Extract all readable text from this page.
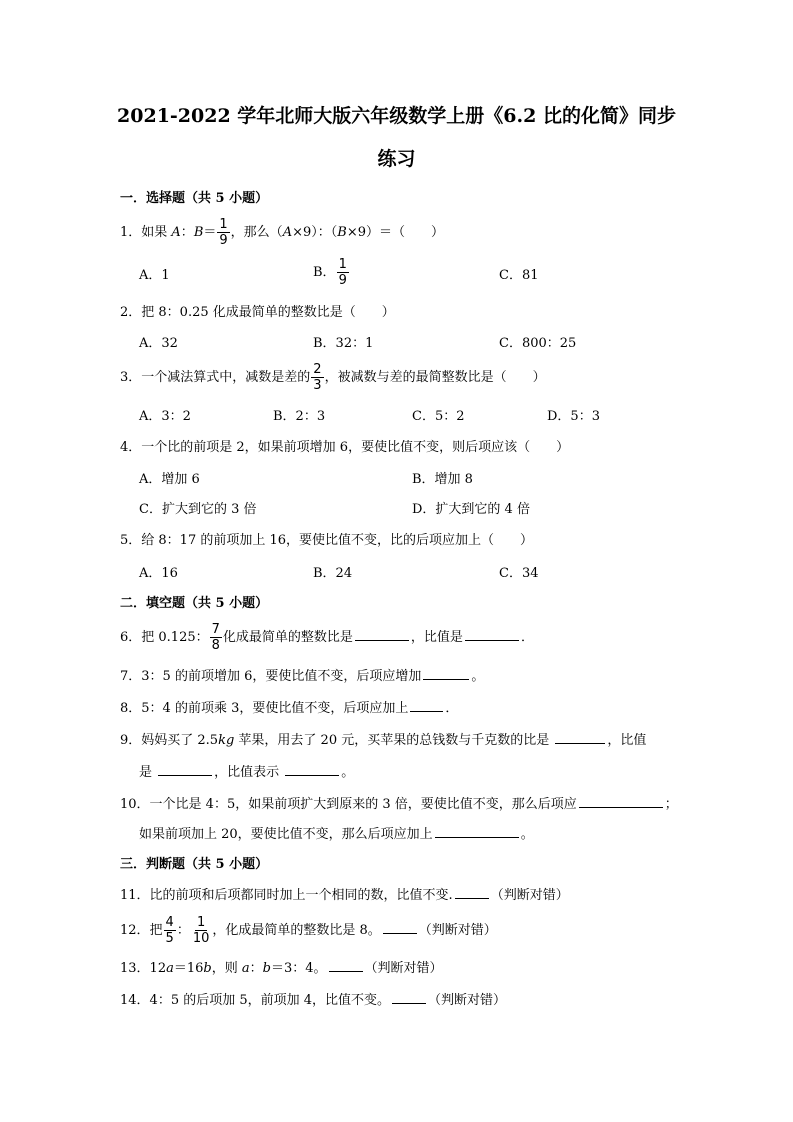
2021-2022 学年北师大版六年级数学上册《6.2 比的化简》同步
练习
一．选择题（共 5 小题）
1．如果 A：$B= \frac{1}{9}$ ，那么（A×9）：（B×9）＝（　　）
A．1	B． $\frac{1}{9}$	C．81
2．把 8：0.25 化成最简单的整数比是（　　）
A．32	B．32：1	C．800：25
3．一个减法算式中，减数是差的 $\frac{2}{3}$ ，被减数与差的最简整数比是（　　）
A．3：2	B．2：3	C．5：2	D．5：3
4．一个比的前项是 2，如果前项增加 6，要使比值不变，则后项应该（　　）
A．增加 6	B．增加 8
C．扩大到它的 3 倍	D．扩大到它的 4 倍
5．给 8：17 的前项加上 16，要使比值不变，比的后项应加上（　　）
A．16	B．24	C．34
二．填空题（共 5 小题）
6．把 0.125： $\frac{7}{8}$ 化成最简单的整数比是	，比值是	．
7．3：5 的前项增加 6，要使比值不变，后项应增加	。
8．5：4 的前项乘 3，要使比值不变，后项应加上	．
9．妈妈买了 2.5kg 苹果，用去了 20 元，买苹果的总钱数与千克数的比是	，比值
是	，比值表示	。
10．一个比是 4：5，如果前项扩大到原来的 3 倍，要使比值不变，那么后项应	；
如果前项加上 20，要使比值不变，那么后项应加上	。
三．判断题（共 5 小题）
11．比的前项和后项都同时加上一个相同的数，比值不变.	（判断对错）
12．把 $\frac{4}{5}$ ： $\frac{1}{10}$ ，化成最简单的整数比是 8。	（判断对错）
13．12a＝16b，则 a：b＝3：4。	（判断对错）
14．4：5 的后项加 5，前项加 4，比值不变。	（判断对错）
